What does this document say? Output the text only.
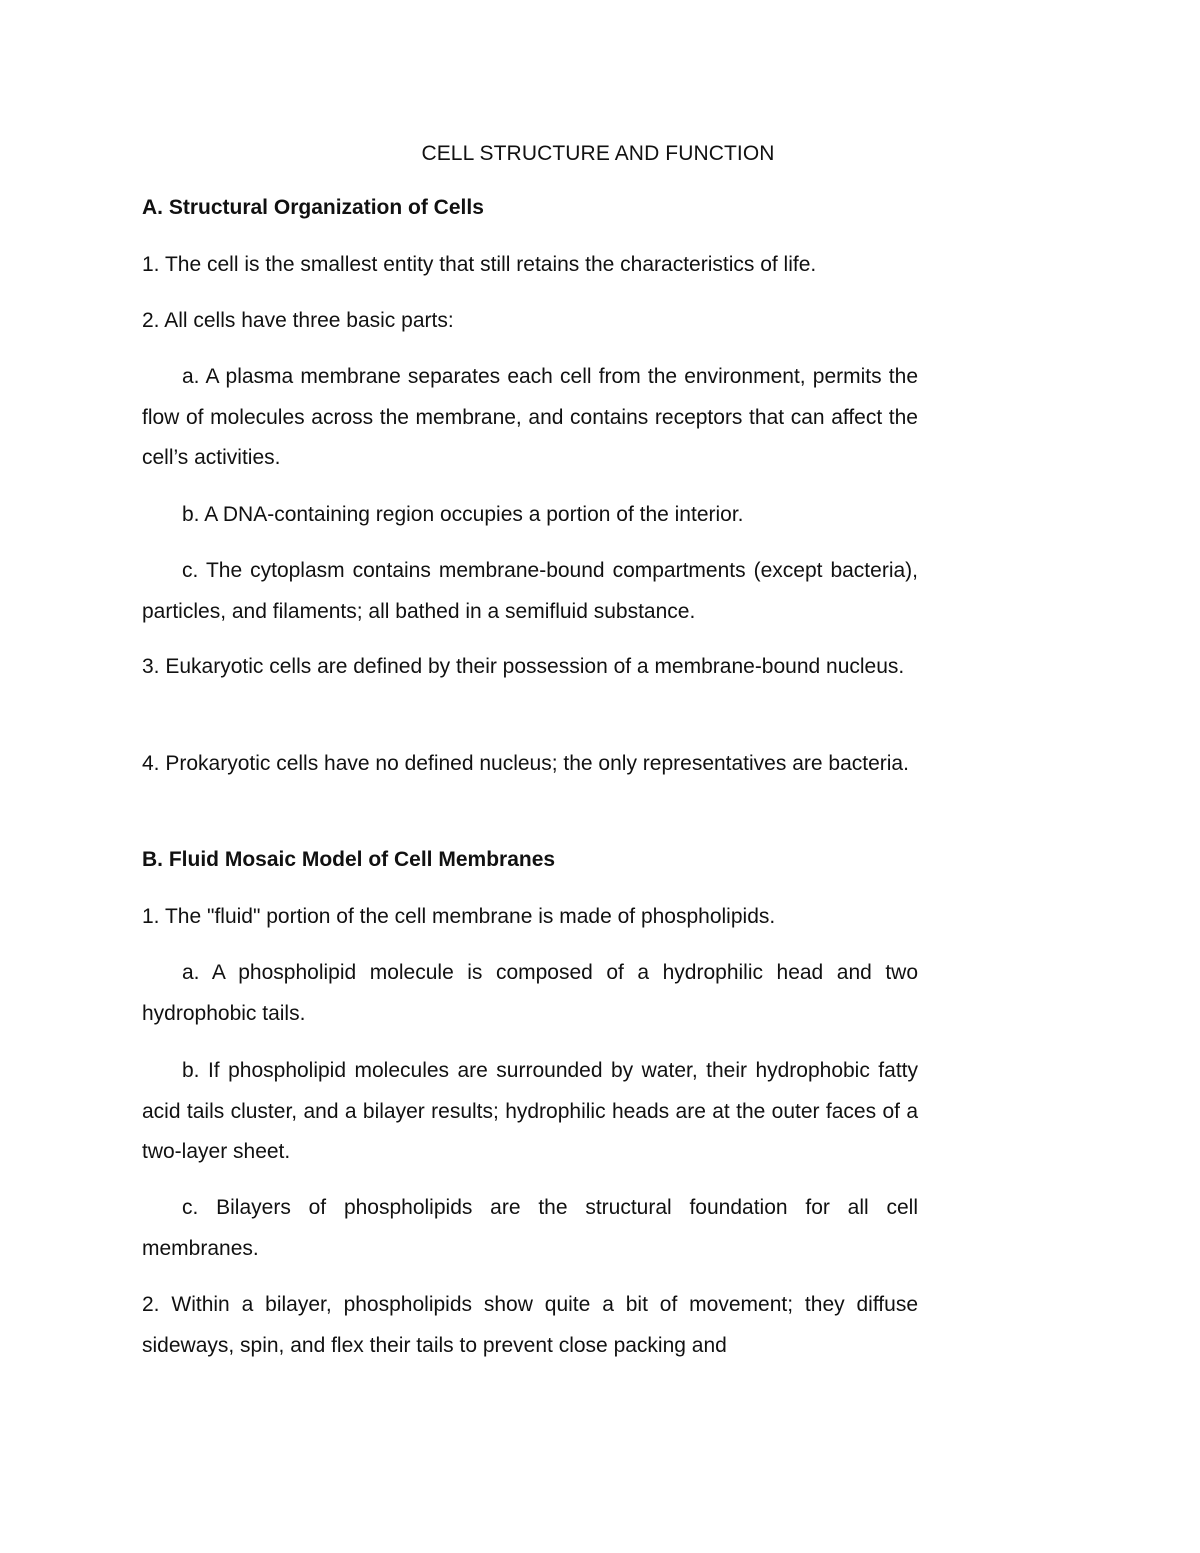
CELL STRUCTURE AND FUNCTION

A. Structural Organization of Cells

1. The cell is the smallest entity that still retains the characteristics of life.

2. All cells have three basic parts:

a. A plasma membrane separates each cell from the environment, permits the flow of molecules across the membrane, and contains receptors that can affect the cell’s activities.

b. A DNA-containing region occupies a portion of the interior.

c. The cytoplasm contains membrane-bound compartments (except bacteria), particles, and filaments; all bathed in a semifluid substance.

3. Eukaryotic cells are defined by their possession of a membrane-bound nucleus.

4. Prokaryotic cells have no defined nucleus; the only representatives are bacteria.

B. Fluid Mosaic Model of Cell Membranes

1. The "fluid" portion of the cell membrane is made of phospholipids.

a. A phospholipid molecule is composed of a hydrophilic head and two hydrophobic tails.

b. If phospholipid molecules are surrounded by water, their hydrophobic fatty acid tails cluster, and a bilayer results; hydrophilic heads are at the outer faces of a two-layer sheet.

c. Bilayers of phospholipids are the structural foundation for all cell membranes.

2. Within a bilayer, phospholipids show quite a bit of movement; they diffuse sideways, spin, and flex their tails to prevent close packing and
